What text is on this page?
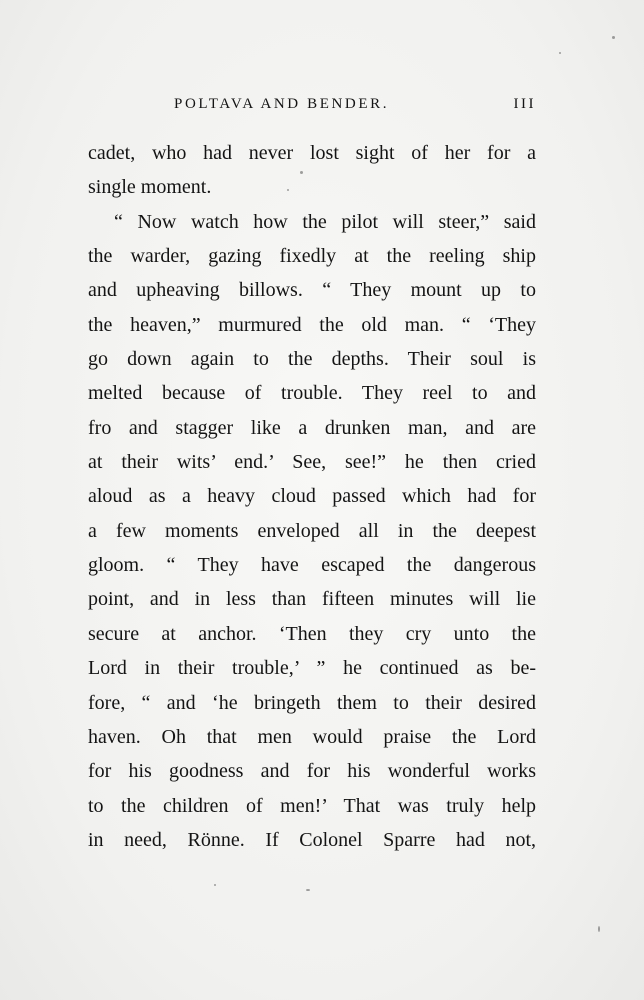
POLTAVA AND BENDER.	III
cadet, who had never lost sight of her for a
single moment.
“ Now watch how the pilot will steer,” said
the warder, gazing fixedly at the reeling ship
and upheaving billows. “ They mount up to
the heaven,” murmured the old man. “ ‘They
go down again to the depths. Their soul is
melted because of trouble. They reel to and
fro and stagger like a drunken man, and are
at their wits’ end.’ See, see!” he then cried
aloud as a heavy cloud passed which had for
a few moments enveloped all in the deepest
gloom. “ They have escaped the dangerous
point, and in less than fifteen minutes will lie
secure at anchor. ‘Then they cry unto the
Lord in their trouble,’ ” he continued as be-
fore, “ and ‘he bringeth them to their desired
haven. Oh that men would praise the Lord
for his goodness and for his wonderful works
to the children of men!’ That was truly help
in need, Rönne. If Colonel Sparre had not,
